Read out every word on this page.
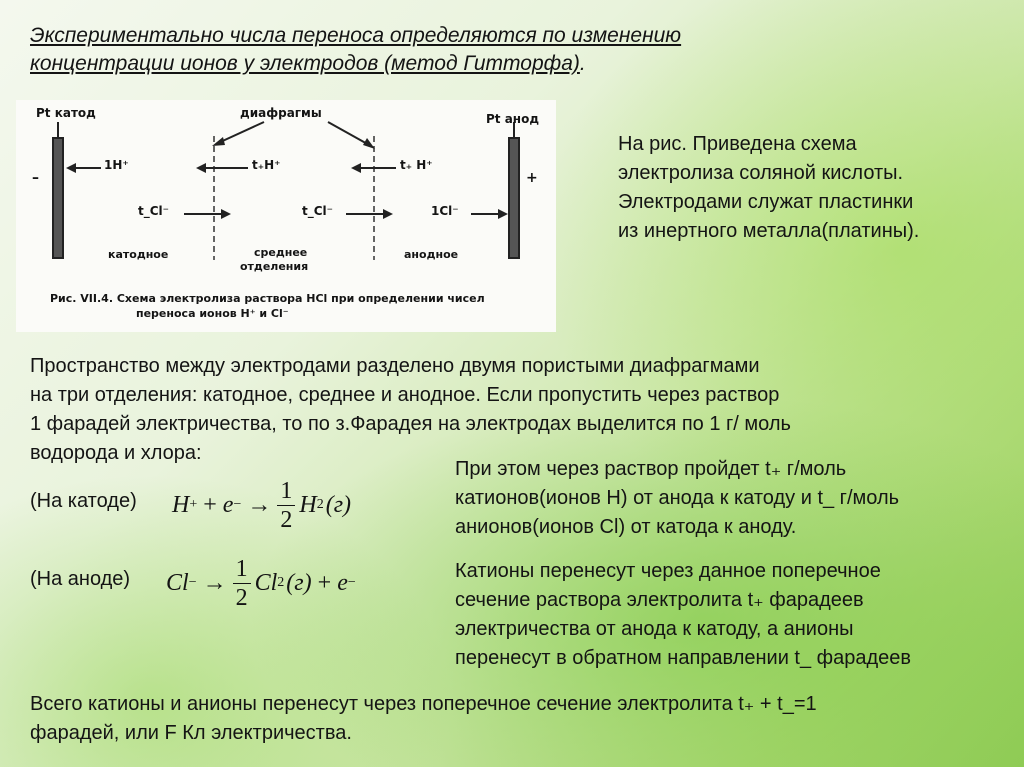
Экспериментально числа переноса определяются по изменению
концентрации ионов у электродов (метод Гитторфа).
Pt катод	Pt анод
диафрагмы
–	+
1H⁺	t₊H⁺	t₊ H⁺
t_Cl⁻	t_Cl⁻	1Cl⁻
катодное	среднее
отделения
анодное
Рис. VII.4. Схема электролиза раствора HCl при определении чисел
переноса ионов H⁺ и Cl⁻
На рис. Приведена схема
электролиза соляной кислоты.
Электродами служат пластинки
из инертного металла(платины).
Пространство между электродами разделено двумя пористыми диафрагмами
на три отделения: катодное, среднее и анодное. Если пропустить через раствор
1 фарадей электричества, то по з.Фарадея на электродах выделится по 1 г/ моль
водорода и хлора:
(На катоде) H + + e − → $\frac{1}{2}$ H 2 (г)
(На аноде) Cl − → $\frac{1}{2}$ Cl 2 (г) + e −
При этом через раствор пройдет t₊ г/моль
катионов(ионов Н) от анода к катоду и t_ г/моль
анионов(ионов Cl) от катода к аноду.
Катионы перенесут через данное поперечное
сечение раствора электролита t₊ фарадеев
электричества от анода к катоду, а анионы
перенесут в обратном направлении t_ фарадеев
Всего катионы и анионы перенесут через поперечное сечение электролита t₊ + t_=1
фарадей, или F Кл электричества.
